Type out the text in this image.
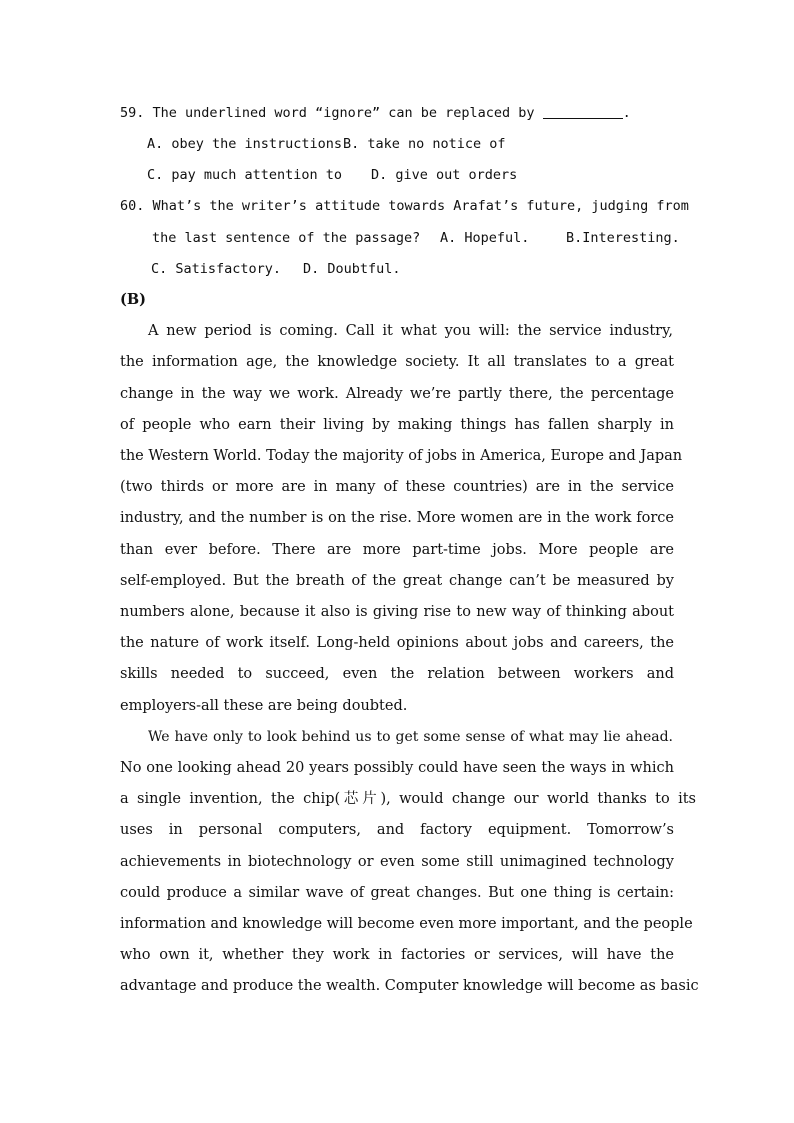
59. The underlined word “ignore” can be replaced by	.
A. obey the instructions B. take no notice of
C. pay much attention to D. give out orders
60. What’s the writer’s attitude towards Arafat’s future, judging from
the last sentence of the passage? A. Hopeful.	B.Interesting.
C. Satisfactory. D. Doubtful.
(B)
A new period is coming. Call it what you will: the service industry,
the information age, the knowledge society. It all translates to a great
change in the way we work. Already we’re partly there, the percentage
of people who earn their living by making things has fallen sharply in
the Western World. Today the majority of jobs in America, Europe and Japan
(two thirds or more are in many of these countries) are in the service
industry, and the number is on the rise. More women are in the work force
than ever before. There are more part-time jobs. More people are
self-employed. But the breath of the great change can’t be measured by
numbers alone, because it also is giving rise to new way of thinking about
the nature of work itself. Long-held opinions about jobs and careers, the
skills needed to succeed, even the relation between workers and
employers-all these are being doubted.
We have only to look behind us to get some sense of what may lie ahead.
No one looking ahead 20 years possibly could have seen the ways in which
a single invention, the chip(芯片), would change our world thanks to its
uses in personal computers, and factory equipment. Tomorrow’s
achievements in biotechnology or even some still unimagined technology
could produce a similar wave of great changes. But one thing is certain:
information and knowledge will become even more important, and the people
who own it, whether they work in factories or services, will have the
advantage and produce the wealth. Computer knowledge will become as basic
